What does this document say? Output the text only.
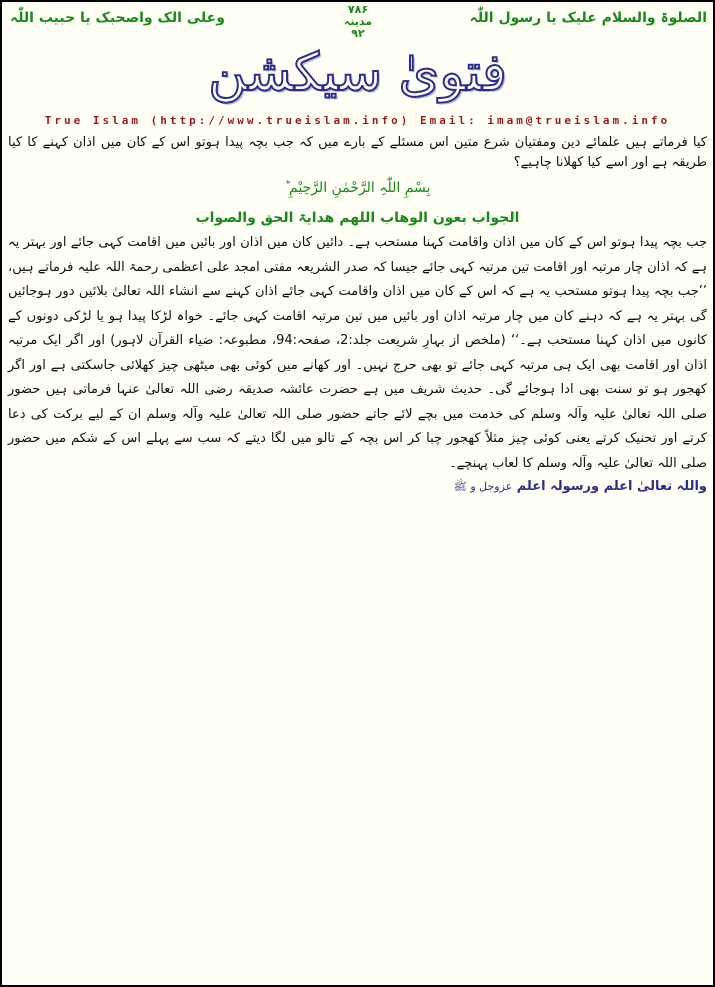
الصلوۃ والسلام علیک یا رسول اللّٰہ
۷۸۶
مدینہ
۹۲
وعلی الک واصحبک یا حبیب اللّٰہ
فتویٰ سیکشن
True Islam (http://www.trueislam.info) Email: imam@trueislam.info

کیا فرماتے ہیں علمائے دین ومفتیان شرع متین اس مسئلے کے بارے میں کہ جب بچہ پیدا ہوتو اس کے کان میں اذان کہنے کا کیا طریقہ ہے اور اسے کیا کھلانا چاہیے؟

بِسْمِ اللّٰہِ الرَّحْمٰنِ الرَّحِیْمِ ؕ

الجواب بعون الوھاب اللھم ھدایۃ الحق والصواب

جب بچہ پیدا ہوتو اس کے کان میں اذان واقامت کہنا مستحب ہے۔ دائیں کان میں اذان اور بائیں میں اقامت کہی جائے اور بہتر یہ ہے کہ اذان چار مرتبہ اور اقامت تین مرتبہ کہی جائے جیسا کہ صدر الشریعہ مفتی امجد علی اعظمی رحمۃ اللہ علیہ فرماتے ہیں، ’’جب بچہ پیدا ہوتو مستحب یہ ہے کہ اس کے کان میں اذان واقامت کہی جائے اذان کہنے سے انشاء اللہ تعالیٰ بلائیں دور ہوجائیں گی بہتر یہ ہے کہ دہنے کان میں چار مرتبہ اذان اور بائیں میں تین مرتبہ اقامت کہی جائے۔ خواہ لڑکا پیدا ہو یا لڑکی دونوں کے کانوں میں اذان کہنا مستحب ہے۔‘‘ (ملخص از بہارِ شریعت جلد:2، صفحہ:94، مطبوعہ: ضیاء القرآن لاہور) اور اگر ایک مرتبہ اذان اور اقامت بھی ایک ہی مرتبہ کہی جائے تو بھی حرج نہیں۔ اور کھانے میں کوئی بھی میٹھی چیز کھلائی جاسکتی ہے اور اگر کھجور ہو تو سنت بھی ادا ہوجائے گی۔ حدیث شریف میں ہے حضرت عائشہ صدیقہ رضی اللہ تعالیٰ عنہا فرماتی ہیں حضور صلی اللہ تعالیٰ علیہ وآلہ وسلم کی خدمت میں بچے لائے جاتے حضور صلی اللہ تعالیٰ علیہ وآلہ وسلم ان کے لیے برکت کی دعا کرتے اور تحنیک کرتے یعنی کوئی چیز مثلاً کھجور چبا کر اس بچہ کے تالو میں لگا دیتے کہ سب سے پہلے اس کے شکم میں حضور صلی اللہ تعالیٰ علیہ وآلہ وسلم کا لعاب پہنچے۔

واللہ تعالیٰ اعلم ورسولہ اعلم عزوجل و ﷺ
